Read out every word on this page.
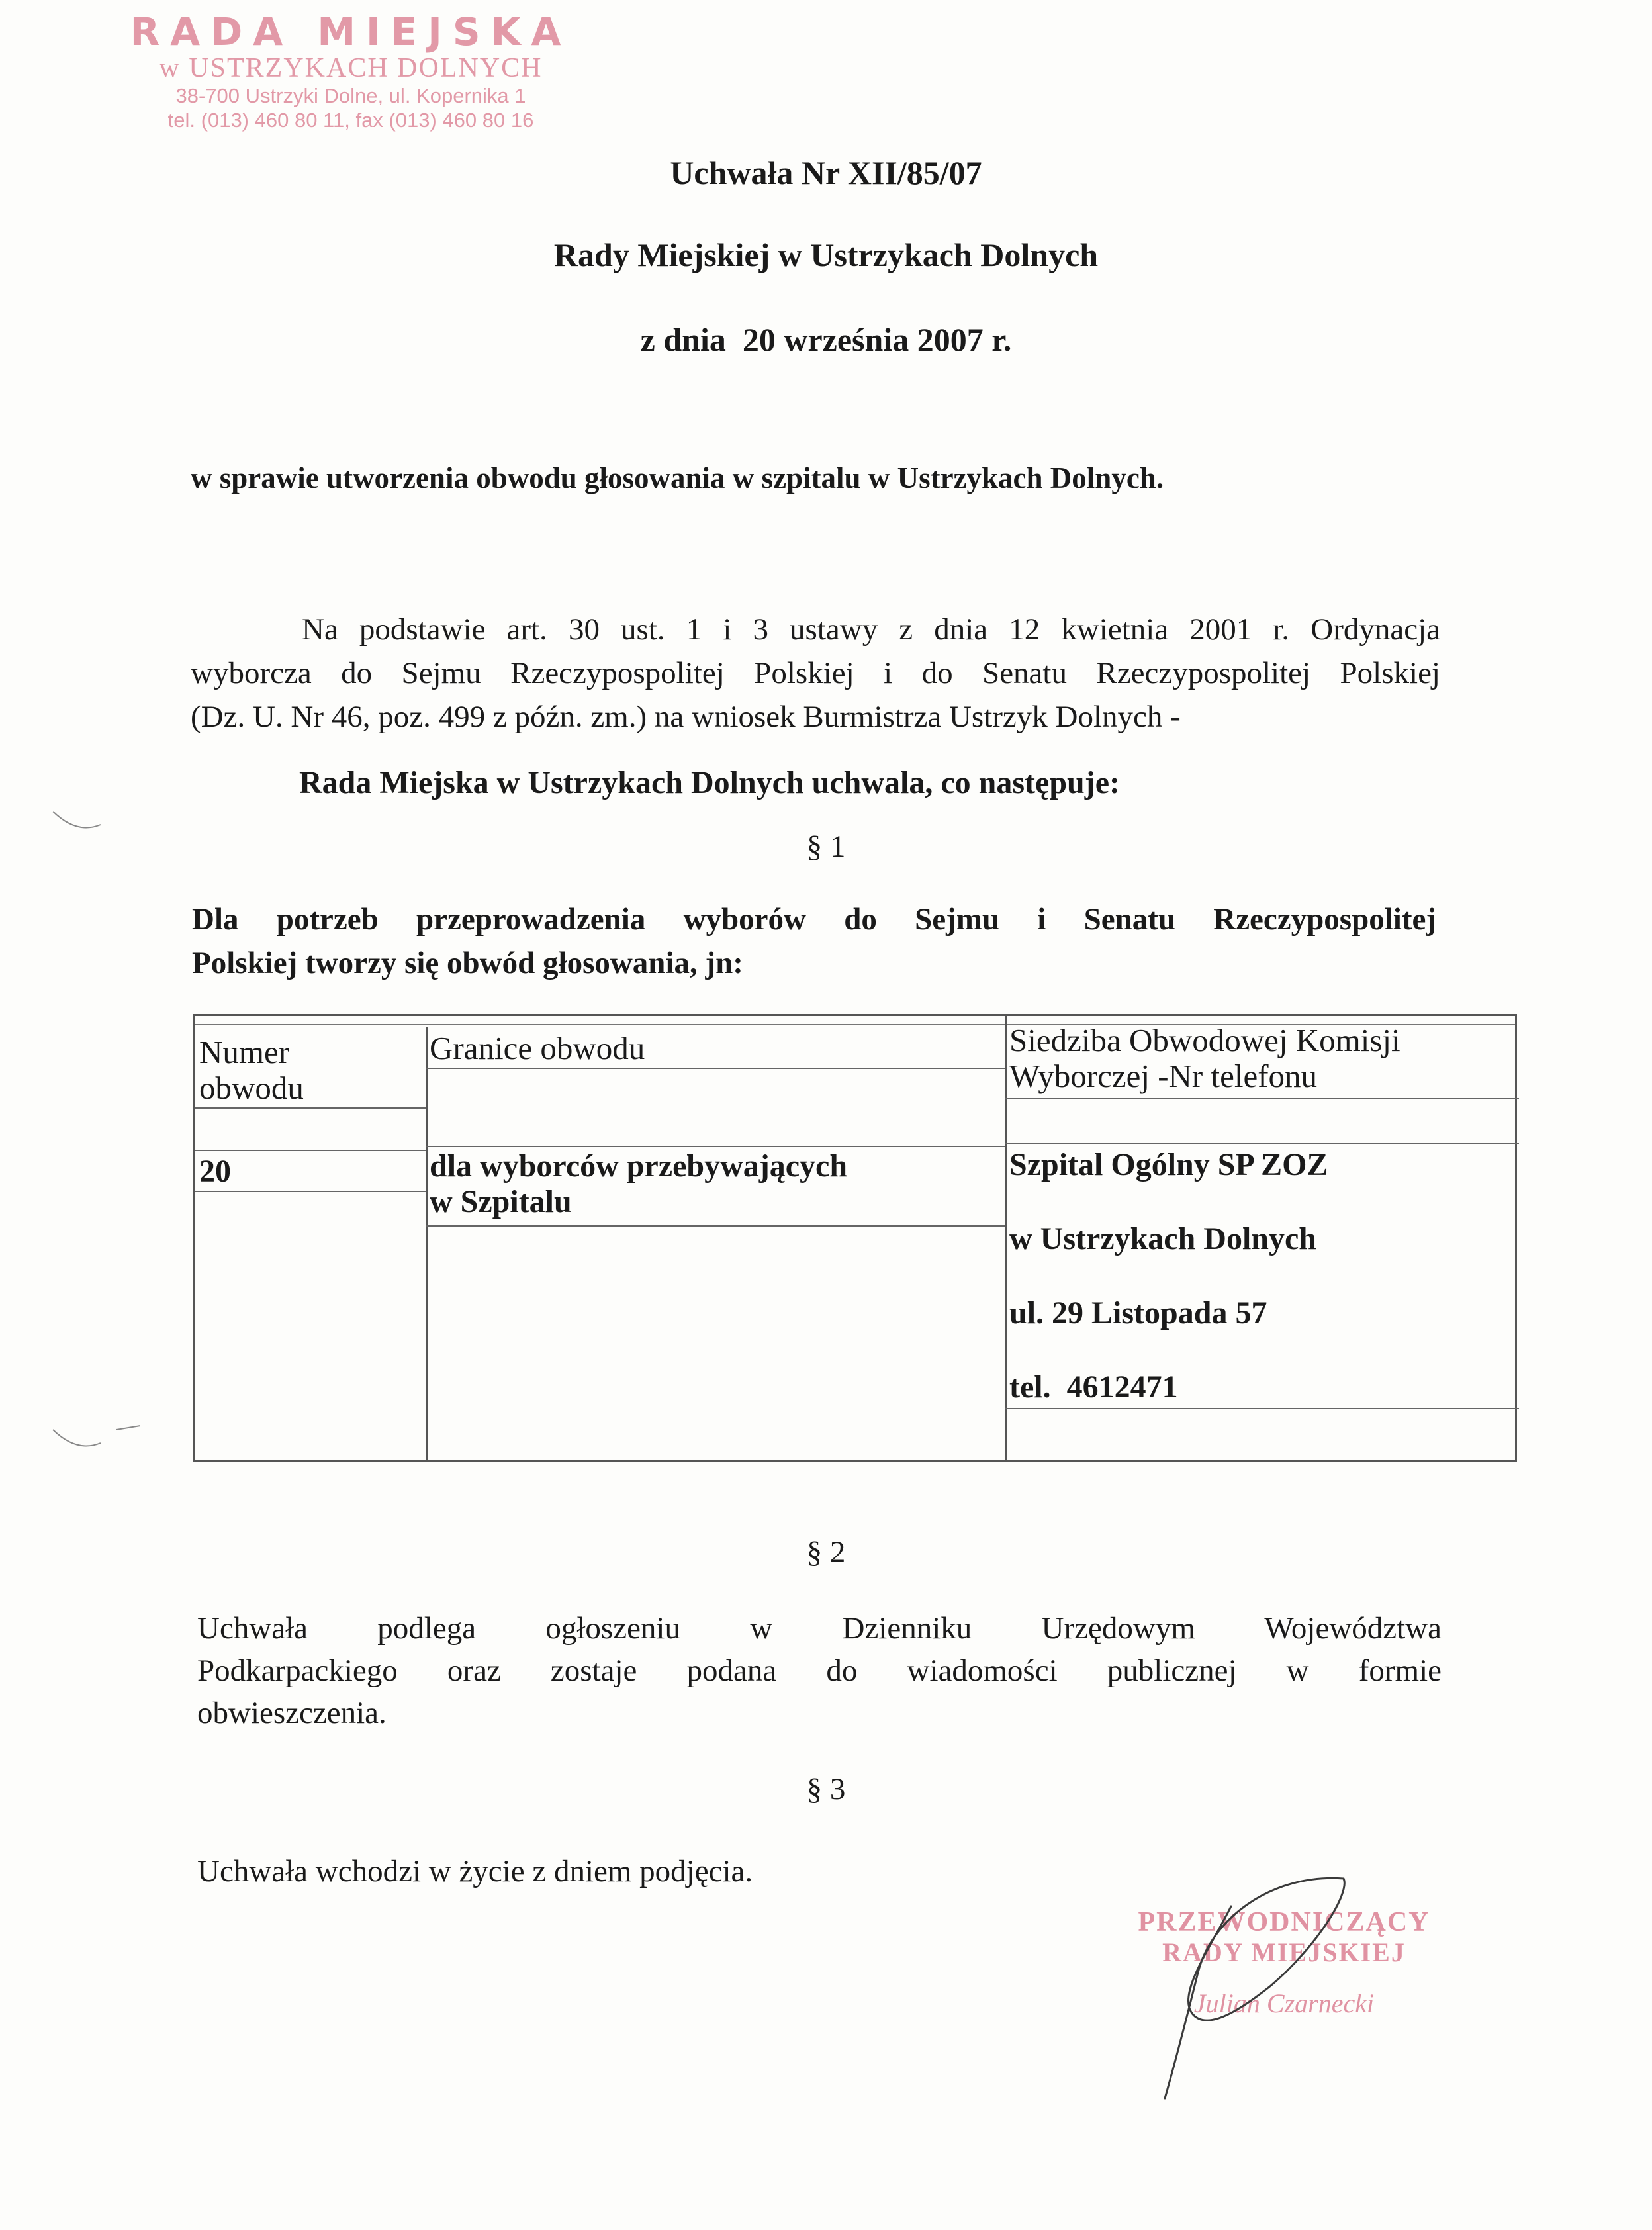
RADA MIEJSKA
w USTRZYKACH DOLNYCH
38-700 Ustrzyki Dolne, ul. Kopernika 1
tel. (013) 460 80 11, fax (013) 460 80 16
Uchwała Nr XII/85/07
Rady Miejskiej w Ustrzykach Dolnych
z dnia  20 września 2007 r.
w sprawie utworzenia obwodu głosowania w szpitalu w Ustrzykach Dolnych.
Na podstawie art. 30 ust. 1 i 3 ustawy z dnia 12 kwietnia 2001 r. Ordynacja
wyborcza do Sejmu Rzeczypospolitej Polskiej i do Senatu Rzeczypospolitej Polskiej
(Dz. U. Nr 46, poz. 499 z późn. zm.) na wniosek Burmistrza Ustrzyk Dolnych -
Rada Miejska w Ustrzykach Dolnych uchwala, co następuje:
§ 1
Dla potrzeb przeprowadzenia wyborów do Sejmu i Senatu Rzeczypospolitej
Polskiej tworzy się obwód głosowania, jn:
Numer
obwodu
Granice obwodu	Siedziba Obwodowej Komisji
Wyborczej -Nr telefonu
20	dla wyborców przebywających
w Szpitalu
Szpital Ogólny SP ZOZ
w Ustrzykach Dolnych
ul. 29 Listopada 57
tel.  4612471
§ 2
Uchwała podlega ogłoszeniu w Dzienniku Urzędowym Województwa
Podkarpackiego oraz zostaje podana do wiadomości publicznej w formie
obwieszczenia.
§ 3
Uchwała wchodzi w życie z dniem podjęcia.
PRZEWODNICZĄCY
RADY MIEJSKIEJ
Julian Czarnecki
